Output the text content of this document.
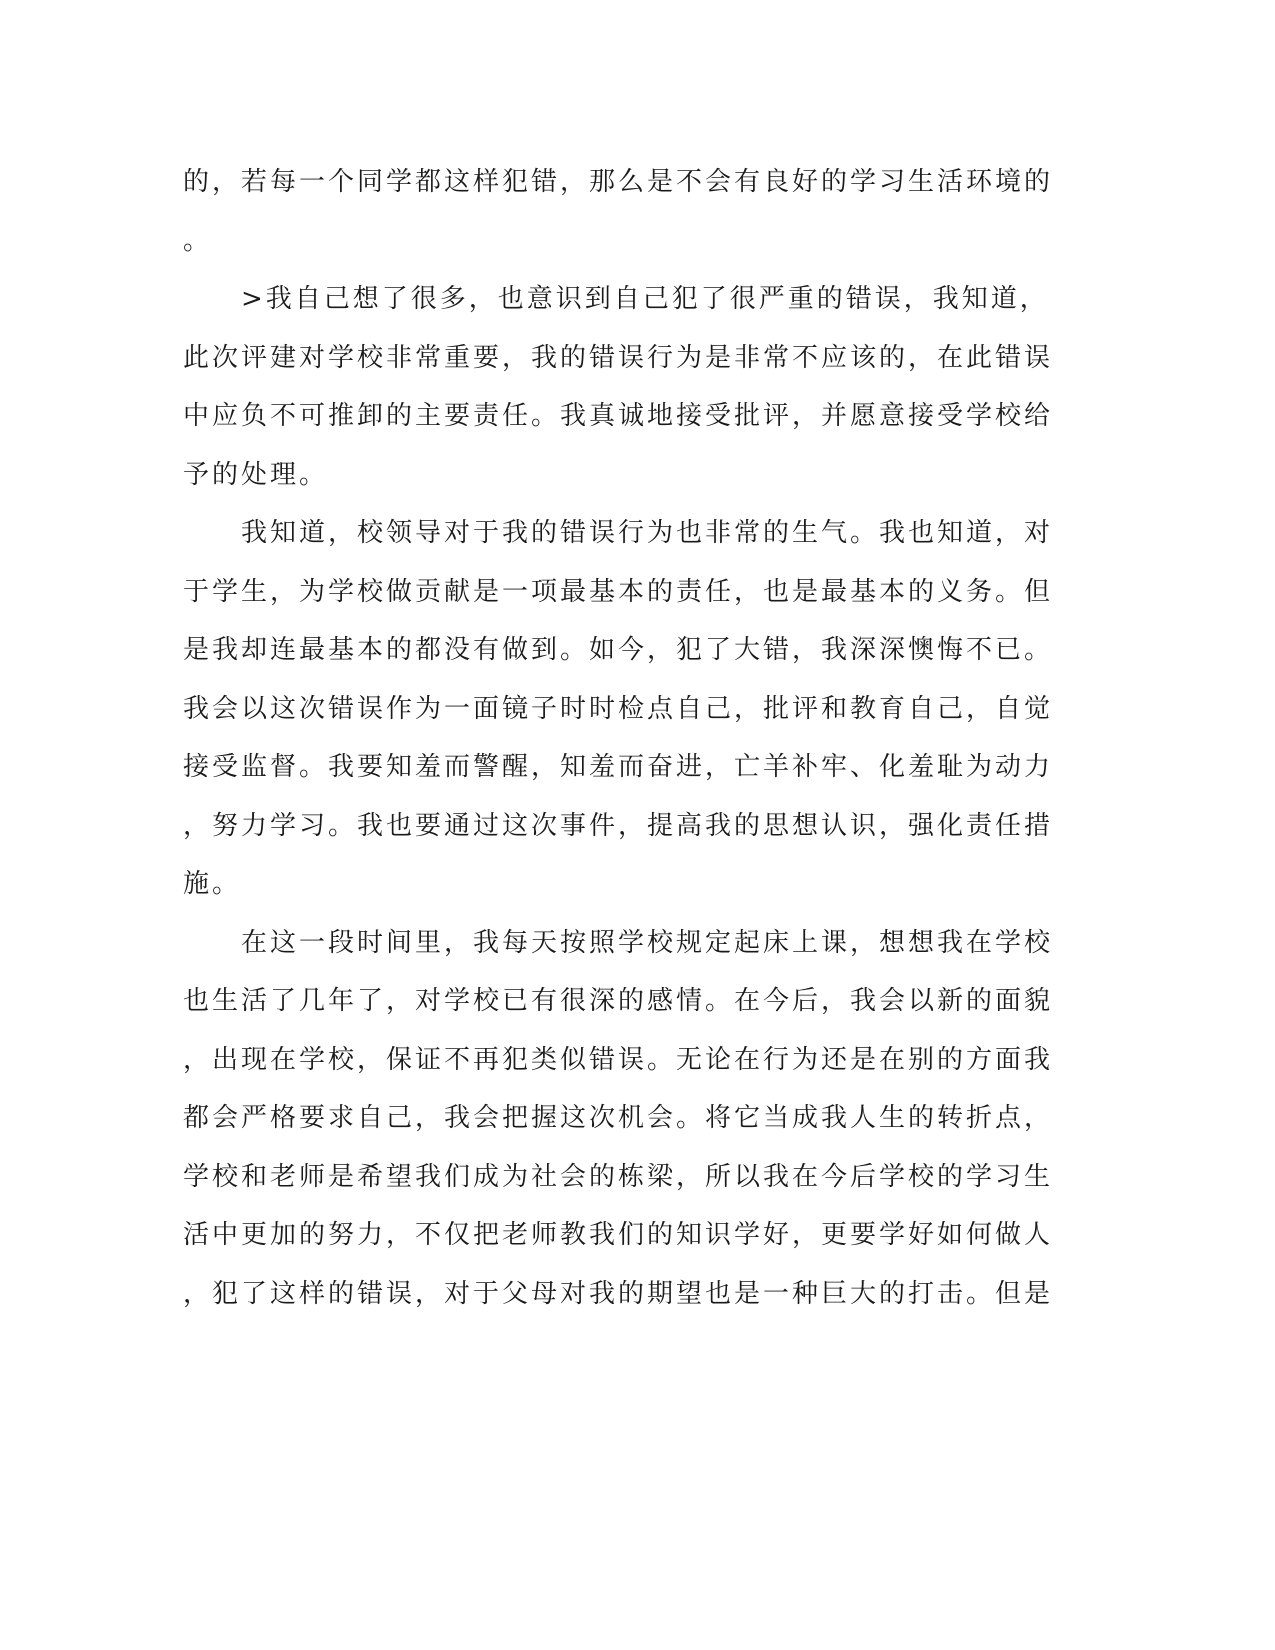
的，若每一个同学都这样犯错，那么是不会有良好的学习生活环境的
。
　　>我自己想了很多，也意识到自己犯了很严重的错误，我知道，
此次评建对学校非常重要，我的错误行为是非常不应该的，在此错误
中应负不可推卸的主要责任。我真诚地接受批评，并愿意接受学校给
予的处理。
　　我知道，校领导对于我的错误行为也非常的生气。我也知道，对
于学生，为学校做贡献是一项最基本的责任，也是最基本的义务。但
是我却连最基本的都没有做到。如今，犯了大错，我深深懊悔不已。
我会以这次错误作为一面镜子时时检点自己，批评和教育自己，自觉
接受监督。我要知羞而警醒，知羞而奋进，亡羊补牢、化羞耻为动力
，努力学习。我也要通过这次事件，提高我的思想认识，强化责任措
施。
　　在这一段时间里，我每天按照学校规定起床上课，想想我在学校
也生活了几年了，对学校已有很深的感情。在今后，我会以新的面貌
，出现在学校，保证不再犯类似错误。无论在行为还是在别的方面我
都会严格要求自己，我会把握这次机会。将它当成我人生的转折点，
学校和老师是希望我们成为社会的栋梁，所以我在今后学校的学习生
活中更加的努力，不仅把老师教我们的知识学好，更要学好如何做人
，犯了这样的错误，对于父母对我的期望也是一种巨大的打击。但是
